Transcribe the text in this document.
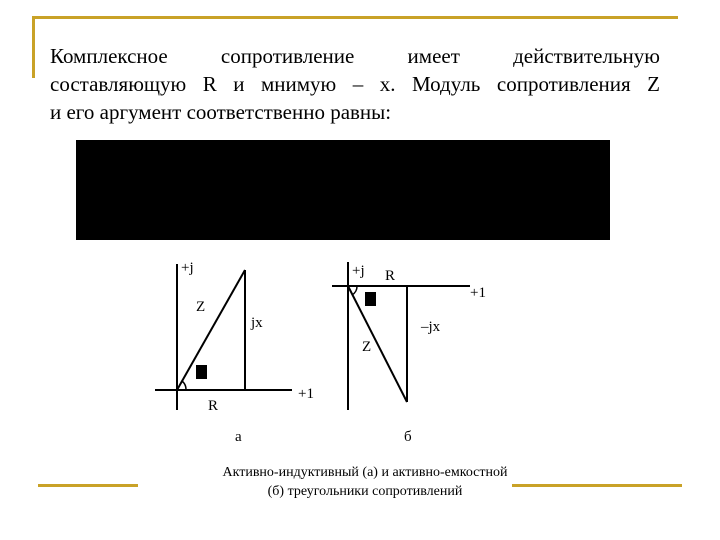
Комплексное сопротивление имеет действительную
составляющую R и мнимую – x. Модуль сопротивления Z
и его аргумент соответственно равны:
+j
+1
Z
jx
R
а
+j R
+1
–jx
Z
б
Активно-индуктивный (а) и активно-емкостной
(б) треугольники сопротивлений
